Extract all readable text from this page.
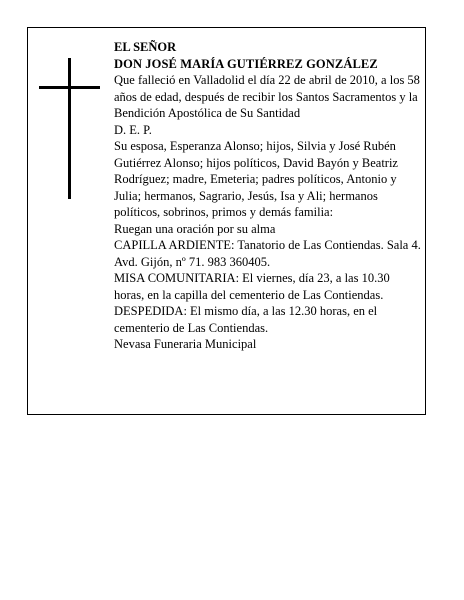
EL SEÑOR

DON JOSÉ MARÍA GUTIÉRREZ GONZÁLEZ

Que falleció en Valladolid el día 22 de abril de 2010, a los 58 años de edad, después de recibir los Santos Sacramentos y la Bendición Apostólica de Su Santidad

D. E. P.

Su esposa, Esperanza Alonso; hijos, Silvia y José Rubén Gutiérrez Alonso; hijos políticos, David Bayón y Beatriz Rodríguez; madre, Emeteria; padres políticos, Antonio y Julia; hermanos, Sagrario, Jesús, Isa y Ali; hermanos políticos, sobrinos, primos y demás familia:

Ruegan una oración por su alma

CAPILLA ARDIENTE: Tanatorio de Las Contiendas. Sala 4. Avd. Gijón, nº 71. 983 360405.

MISA COMUNITARIA: El viernes, día 23, a las 10.30 horas, en la capilla del cementerio de Las Contiendas.

DESPEDIDA: El mismo día, a las 12.30 horas, en el cementerio de Las Contiendas.

Nevasa Funeraria Municipal
